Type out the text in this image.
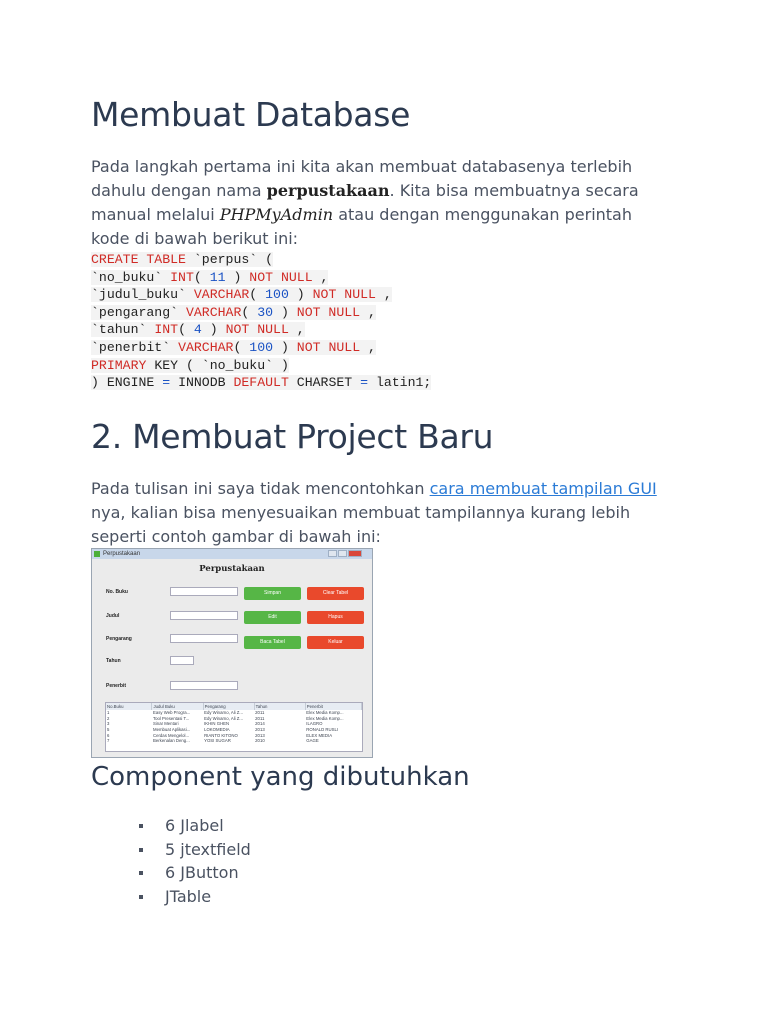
Membuat Database

Pada langkah pertama ini kita akan membuat databasenya terlebih dahulu dengan nama perpustakaan. Kita bisa membuatnya secara manual melalui PHPMyAdmin atau dengan menggunakan perintah kode di bawah berikut ini:

CREATE TABLE `perpus` (
`no_buku` INT( 11 ) NOT NULL ,
`judul_buku` VARCHAR( 100 ) NOT NULL ,
`pengarang` VARCHAR( 30 ) NOT NULL ,
`tahun` INT( 4 ) NOT NULL ,
`penerbit` VARCHAR( 100 ) NOT NULL ,
PRIMARY KEY ( `no_buku` )
) ENGINE = INNODB DEFAULT CHARSET = latin1;
2. Membuat Project Baru

Pada tulisan ini saya tidak mencontohkan cara membuat tampilan GUI nya, kalian bisa menyesuaikan membuat tampilannya kurang lebih seperti contoh gambar di bawah ini:

Perpustakaan
Perpustakaan
No. Buku
Judul
Pengarang
Tahun
Penerbit
Simpan	Clear Tabel
Edit	Hapus
Baca Tabel	Keluar
No.Buku	Judul Buku	Pengarang	Tahun	Penerbit
1	Easy Web Progra...	Edy Winarno, Ali Z...	2011	Elex Media Komp...
2	Tool Presentasi T...	Edy Winarno, Ali Z...	2011	Elex Media Komp...
3	Sinar Mentari	IKHIN GHEN	2014	ILAGRO
5	Membuat Aplikasi...	LOKOMEDIA	2013	RONALD RUSLI
6	Cerdas Mengelol...	RIANTO KITONO	2013	ELEX MEDIA
7	Berkenalan Deng...	YOSI SUGAR	2010	GAGE
Component yang dibutuhkan
6 Jlabel
5 jtextfield
6 JButton
JTable
